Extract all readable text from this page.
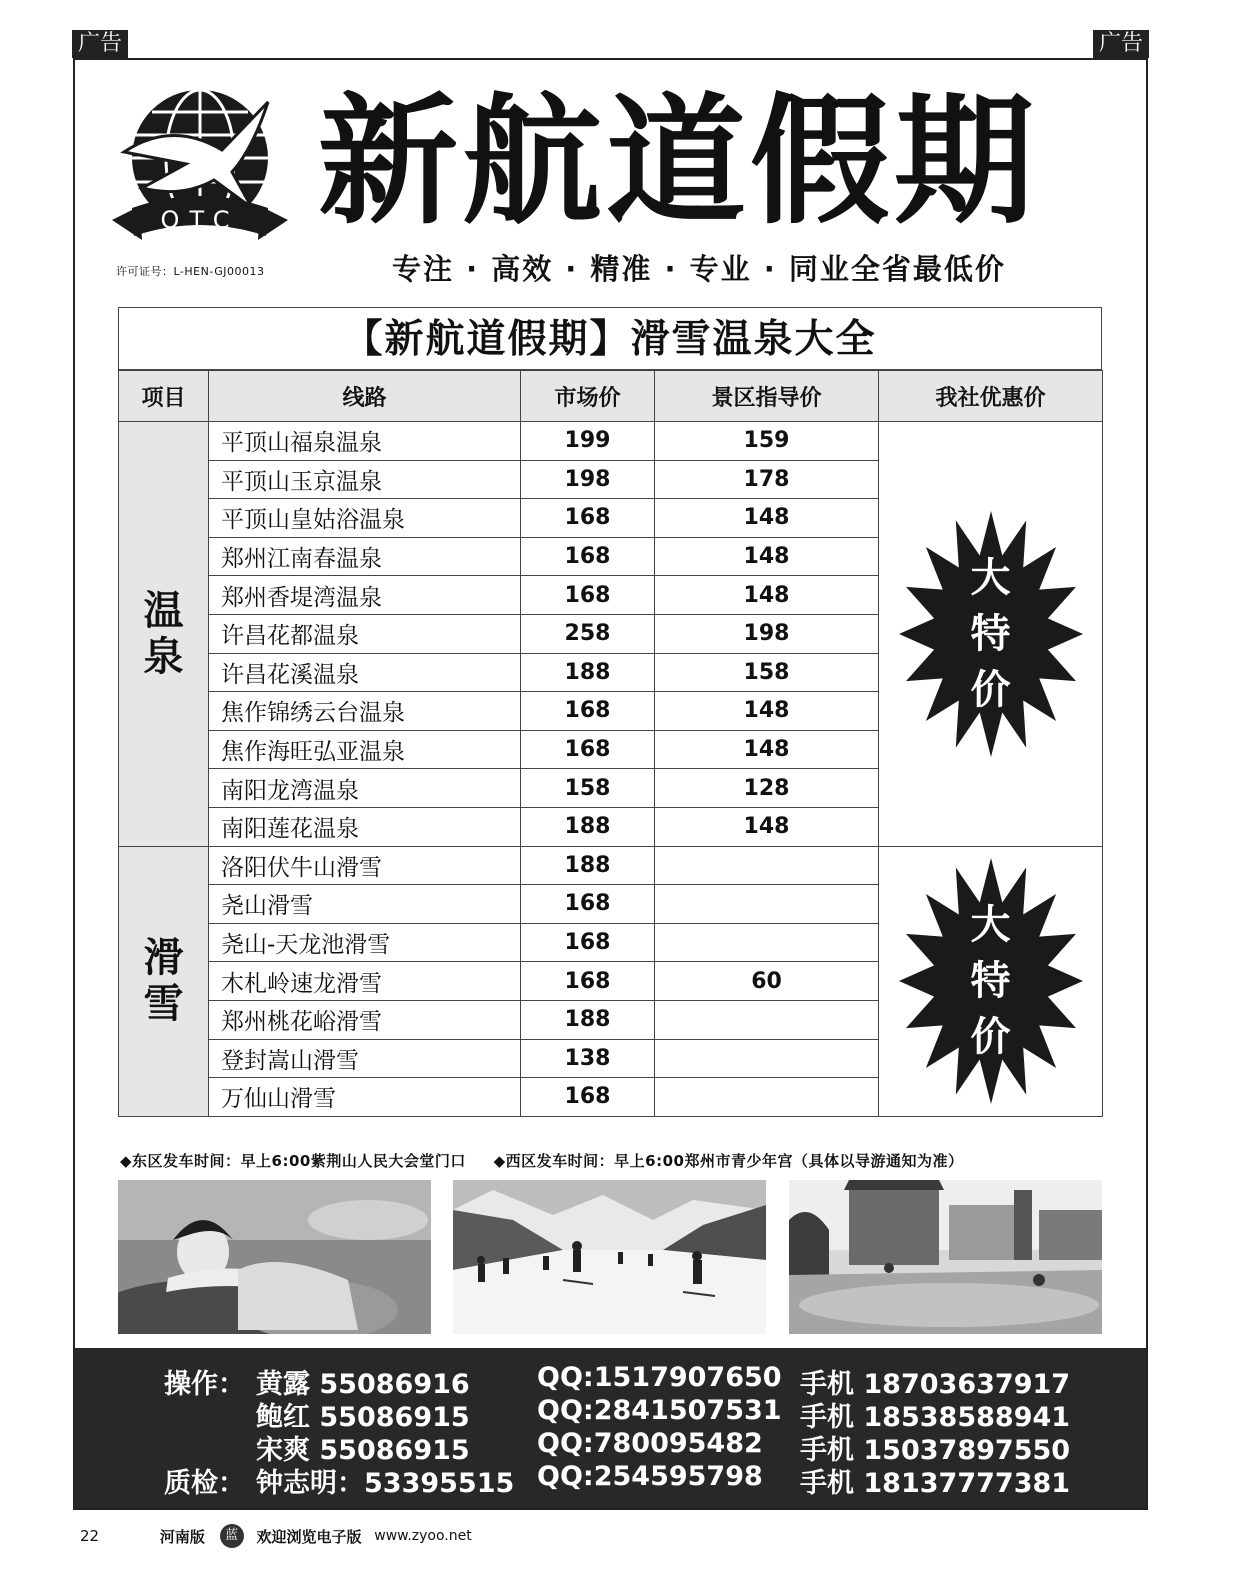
广告	广告
OTC
许可证号：L-HEN-GJ00013
新航道假期
专注 · 高效 · 精准 · 专业 · 同业全省最低价
【新航道假期】滑雪温泉大全
项目	线路	市场价	景区指导价	我社优惠价

温泉	平顶山福泉温泉	199	159	大特价

	平顶山玉京温泉	198	178	
	平顶山皇姑浴温泉	168	148	
	郑州江南春温泉	168	148	
	郑州香堤湾温泉	168	148	
	许昌花都温泉	258	198	
	许昌花溪温泉	188	158	
	焦作锦绣云台温泉	168	148	
	焦作海旺弘亚温泉	168	148	
	南阳龙湾温泉	158	128	
	南阳莲花温泉	188	148	

滑雪	洛阳伏牛山滑雪	188		大特价

	尧山滑雪	168		
	尧山-天龙池滑雪	168		
	木札岭速龙滑雪	168	60	
	郑州桃花峪滑雪	188		
	登封嵩山滑雪	138		
	万仙山滑雪	168		
◆东区发车时间：早上6:00紫荆山人民大会堂门口 ◆西区发车时间：早上6:00郑州市青少年宫（具体以导游通知为准）
操作： 黄露 55086916 QQ:1517907650 手机 18703637917
鲍红 55086915 QQ:2841507531 手机 18538588941
宋爽 55086915 QQ:780095482 手机 15037897550
质检： 钟志明：53395515 QQ:254595798 手机 18137777381
22	河南版 蓝 欢迎浏览电子版 www.zyoo.net
